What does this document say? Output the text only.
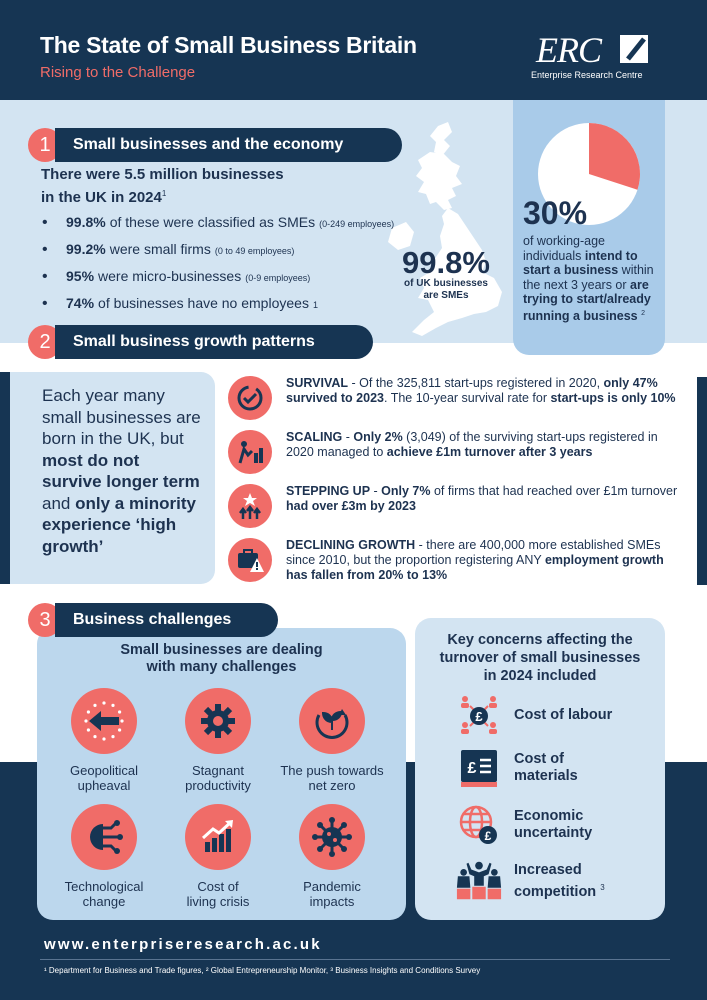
The State of Small Business Britain
Rising to the Challenge
ERC
Enterprise Research Centre
1	Small businesses and the economy
There were 5.5 million businesses
in the UK in 2024$^1$
•	99.8% of these were classified as SMEs (0-249 employees)
•	99.2% were small firms (0 to 49 employees)
•	95% were micro-businesses (0-9 employees)
•	74% of businesses have no employees 1
99.8%
of UK businesses
are SMEs
30%
of working-age individuals intend to start a business within the next 3 years or are trying to start/already running a business $^2$
2	Small business growth patterns
Each year many small businesses are born in the UK, but most do not survive longer term and only a minority experience ‘high growth’
SURVIVAL - Of the 325,811 start-ups registered in 2020, only 47% survived to 2023. The 10-year survival rate for start-ups is only 10%
SCALING - Only 2% (3,049) of the surviving start-ups registered in 2020 managed to achieve £1m turnover after 3 years
STEPPING UP - Only 7% of firms that had reached over £1m turnover had over £3m by 2023
DECLINING GROWTH - there are 400,000 more established SMEs since 2010, but the proportion registering ANY employment growth has fallen from 20% to 13%
3	Business challenges
Small businesses are dealing
with many challenges
Geopolitical
upheaval
Stagnant
productivity
The push towards
net zero
Technological
change
Cost of
living crisis
Pandemic
impacts
Key concerns affecting the
turnover of small businesses
in 2024 included
£ Cost of labour
£
Cost of
materials
£
Economic
uncertainty
Increased
competition $^3$
www.enterpriseresearch.ac.uk
¹ Department for Business and Trade figures, ² Global Entrepreneurship Monitor, ³ Business Insights and Conditions Survey
